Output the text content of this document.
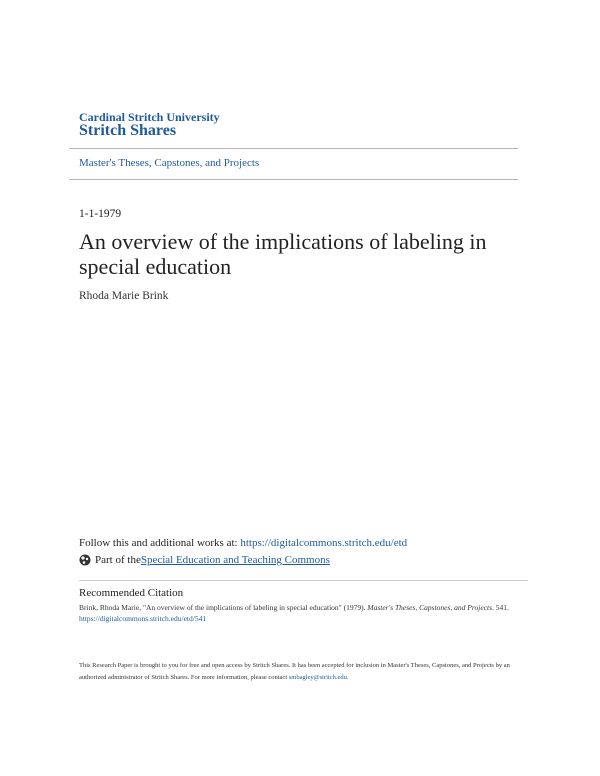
Cardinal Stritch University
Stritch Shares
Master's Theses, Capstones, and Projects
1-1-1979
An overview of the implications of labeling in special education
Rhoda Marie Brink
Follow this and additional works at: https://digitalcommons.stritch.edu/etd
Part of the Special Education and Teaching Commons
Recommended Citation
Brink, Rhoda Marie, "An overview of the implications of labeling in special education" (1979). Master's Theses, Capstones, and Projects. 541.
https://digitalcommons.stritch.edu/etd/541
This Research Paper is brought to you for free and open access by Stritch Shares. It has been accepted for inclusion in Master's Theses, Capstones, and Projects by an authorized administrator of Stritch Shares. For more information, please contact smbagley@stritch.edu.
